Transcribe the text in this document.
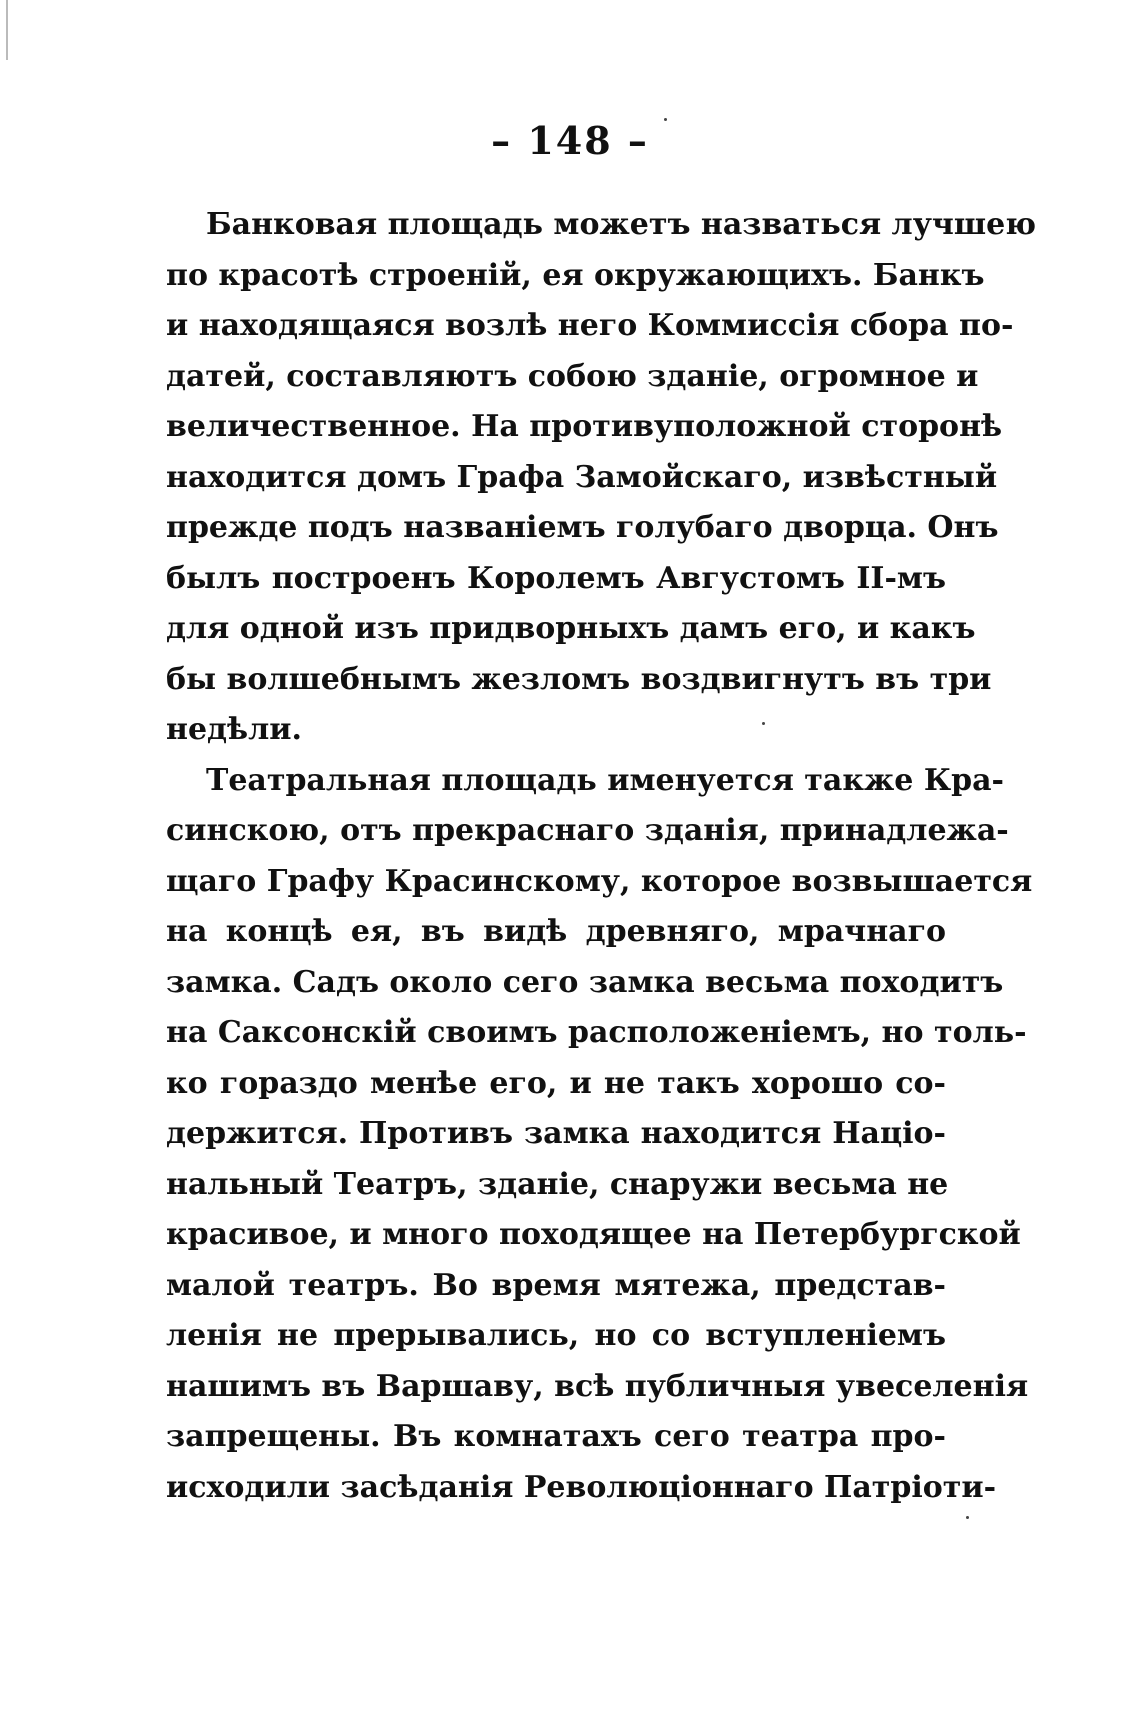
– 148 –
Банковая площадь можетъ назваться лучшею
по красотѣ строеній, ея окружающихъ. Банкъ
и находящаяся возлѣ него Коммиссія сбора по-
датей, составляютъ собою зданіе, огромное и
величественное. На противуположной сторонѣ
находится домъ Графа Замойскаго, извѣстный
прежде подъ названіемъ голубаго дворца. Онъ
былъ построенъ Королемъ Августомъ II-мъ
для одной изъ придворныхъ дамъ его, и какъ
бы волшебнымъ жезломъ воздвигнутъ въ три
недѣли.
Театральная площадь именуется также Кра-
синскою, отъ прекраснаго зданія, принадлежа-
щаго Графу Красинскому, которое возвышается
на концѣ ея, въ видѣ древняго, мрачнаго
замка. Садъ около сего замка весьма походитъ
на Саксонскій своимъ расположеніемъ, но толь-
ко гораздо менѣе его, и не такъ хорошо со-
держится. Противъ замка находится Націо-
нальный Театръ, зданіе, снаружи весьма не
красивое, и много походящее на Петербургской
малой театръ. Во время мятежа, представ-
ленія не прерывались, но со вступленіемъ
нашимъ въ Варшаву, всѣ публичныя увеселенія
запрещены. Въ комнатахъ сего театра про-
исходили засѣданія Революціоннаго Патріоти-
